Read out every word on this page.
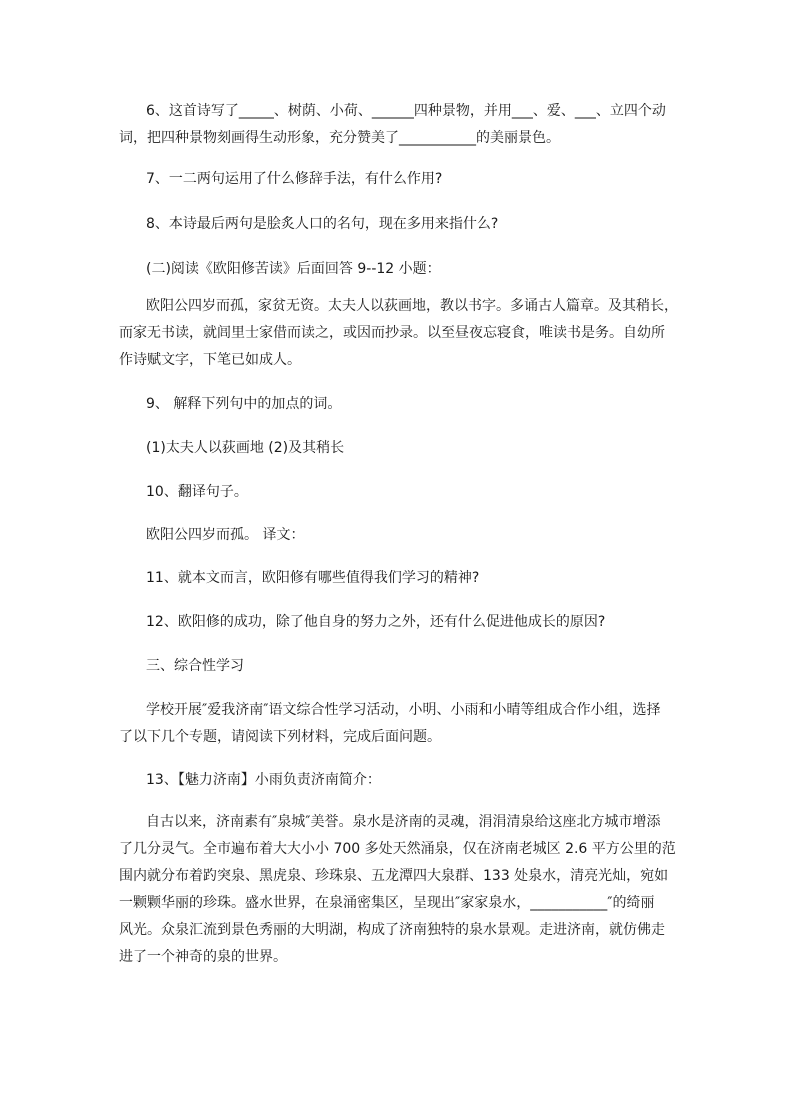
6、这首诗写了_____、树荫、小荷、______四种景物，并用___、爱、___、立四个动
词，把四种景物刻画得生动形象，充分赞美了___________的美丽景色。
7、一二两句运用了什么修辞手法，有什么作用?
8、本诗最后两句是脍炙人口的名句，现在多用来指什么?
(二)阅读《欧阳修苦读》后面回答 9--12 小题：
欧阳公四岁而孤，家贫无资。太夫人以荻画地，教以书字。多诵古人篇章。及其稍长，
而家无书读，就闾里士家借而读之，或因而抄录。以至昼夜忘寝食，唯读书是务。自幼所
作诗赋文字，下笔已如成人。
9、 解释下列句中的加点的词。
(1)太夫人以荻画地 (2)及其稍长
10、翻译句子。
欧阳公四岁而孤。 译文：
11、就本文而言，欧阳修有哪些值得我们学习的精神?
12、欧阳修的成功，除了他自身的努力之外，还有什么促进他成长的原因?
三、综合性学习
学校开展″爱我济南″语文综合性学习活动，小明、小雨和小晴等组成合作小组，选择
了以下几个专题，请阅读下列材料，完成后面问题。
13、【魅力济南】小雨负责济南简介：
自古以来，济南素有″泉城″美誉。泉水是济南的灵魂，涓涓清泉给这座北方城市增添
了几分灵气。全市遍布着大大小小 700 多处天然涌泉，仅在济南老城区 2.6 平方公里的范
围内就分布着趵突泉、黑虎泉、珍珠泉、五龙潭四大泉群、133 处泉水，清亮光灿，宛如
一颗颗华丽的珍珠。盛水世界，在泉涌密集区，呈现出″家家泉水，___________″的绮丽
风光。众泉汇流到景色秀丽的大明湖，构成了济南独特的泉水景观。走进济南，就仿佛走
进了一个神奇的泉的世界。
